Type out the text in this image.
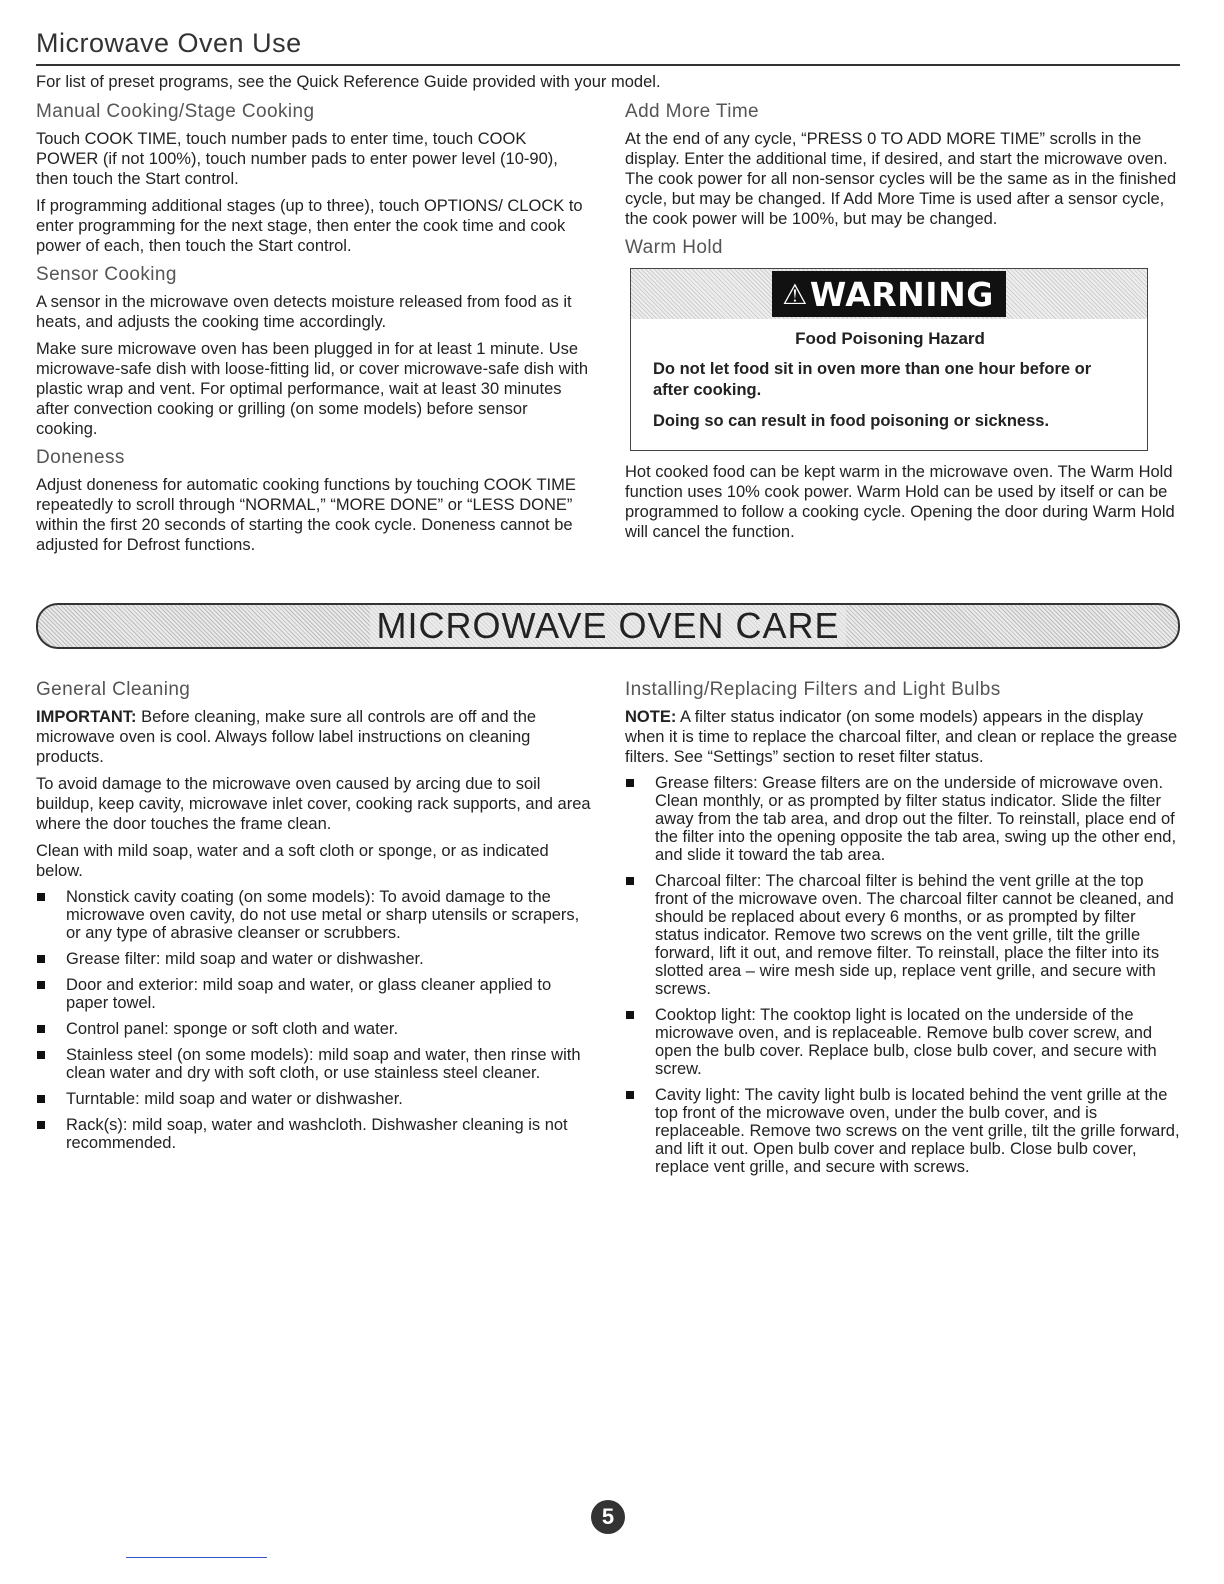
Microwave Oven Use

For list of preset programs, see the Quick Reference Guide provided with your model.

Manual Cooking/Stage Cooking

Touch COOK TIME, touch number pads to enter time, touch COOK POWER (if not 100%), touch number pads to enter power level (10-90), then touch the Start control.

If programming additional stages (up to three), touch OPTIONS/ CLOCK to enter programming for the next stage, then enter the cook time and cook power of each, then touch the Start control.

Sensor Cooking

A sensor in the microwave oven detects moisture released from food as it heats, and adjusts the cooking time accordingly.

Make sure microwave oven has been plugged in for at least 1 minute. Use microwave-safe dish with loose-fitting lid, or cover microwave-safe dish with plastic wrap and vent. For optimal performance, wait at least 30 minutes after convection cooking or grilling (on some models) before sensor cooking.

Doneness

Adjust doneness for automatic cooking functions by touching COOK TIME repeatedly to scroll through “NORMAL,” “MORE DONE” or “LESS DONE” within the first 20 seconds of starting the cook cycle. Doneness cannot be adjusted for Defrost functions.

Add More Time

At the end of any cycle, “PRESS 0 TO ADD MORE TIME” scrolls in the display. Enter the additional time, if desired, and start the microwave oven. The cook power for all non-sensor cycles will be the same as in the finished cycle, but may be changed. If Add More Time is used after a sensor cycle, the cook power will be 100%, but may be changed.

Warm Hold
⚠ WARNING
Food Poisoning Hazard
Do not let food sit in oven more than one hour before or after cooking.
Doing so can result in food poisoning or sickness.

Hot cooked food can be kept warm in the microwave oven. The Warm Hold function uses 10% cook power. Warm Hold can be used by itself or can be programmed to follow a cooking cycle. Opening the door during Warm Hold will cancel the function.

MICROWAVE OVEN CARE
General Cleaning

IMPORTANT: Before cleaning, make sure all controls are off and the microwave oven is cool. Always follow label instructions on cleaning products.

To avoid damage to the microwave oven caused by arcing due to soil buildup, keep cavity, microwave inlet cover, cooking rack supports, and area where the door touches the frame clean.

Clean with mild soap, water and a soft cloth or sponge, or as indicated below.

Nonstick cavity coating (on some models): To avoid damage to the microwave oven cavity, do not use metal or sharp utensils or scrapers, or any type of abrasive cleanser or scrubbers.
Grease filter: mild soap and water or dishwasher.
Door and exterior: mild soap and water, or glass cleaner applied to paper towel.
Control panel: sponge or soft cloth and water.
Stainless steel (on some models): mild soap and water, then rinse with clean water and dry with soft cloth, or use stainless steel cleaner.
Turntable: mild soap and water or dishwasher.
Rack(s): mild soap, water and washcloth. Dishwasher cleaning is not recommended.
Installing/Replacing Filters and Light Bulbs

NOTE: A filter status indicator (on some models) appears in the display when it is time to replace the charcoal filter, and clean or replace the grease filters. See “Settings” section to reset filter status.

Grease filters: Grease filters are on the underside of microwave oven. Clean monthly, or as prompted by filter status indicator. Slide the filter away from the tab area, and drop out the filter. To reinstall, place end of the filter into the opening opposite the tab area, swing up the other end, and slide it toward the tab area.
Charcoal filter: The charcoal filter is behind the vent grille at the top front of the microwave oven. The charcoal filter cannot be cleaned, and should be replaced about every 6 months, or as prompted by filter status indicator. Remove two screws on the vent grille, tilt the grille forward, lift it out, and remove filter. To reinstall, place the filter into its slotted area – wire mesh side up, replace vent grille, and secure with screws.
Cooktop light: The cooktop light is located on the underside of the microwave oven, and is replaceable. Remove bulb cover screw, and open the bulb cover. Replace bulb, close bulb cover, and secure with screw.
Cavity light: The cavity light bulb is located behind the vent grille at the top front of the microwave oven, under the bulb cover, and is replaceable. Remove two screws on the vent grille, tilt the grille forward, and lift it out. Open bulb cover and replace bulb. Close bulb cover, replace vent grille, and secure with screws.
5
